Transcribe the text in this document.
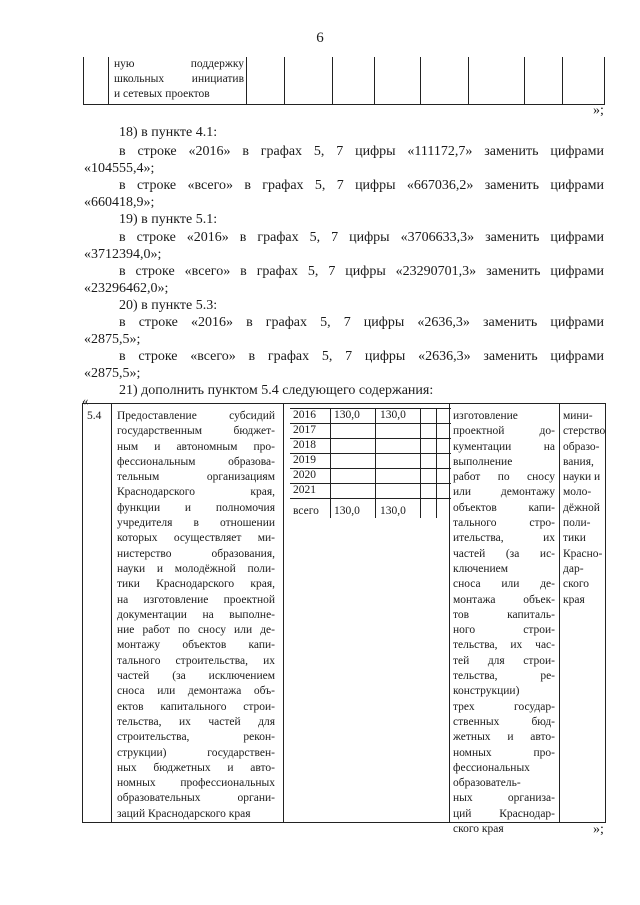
6
ную поддержку
школьных инициатив
и сетевых проектов
»;
18) в пункте 4.1:
в строке «2016» в графах 5, 7 цифры «111172,7» заменить цифрами
«104555,4»;
в строке «всего» в графах 5, 7 цифры «667036,2» заменить цифрами
«660418,9»;
19) в пункте 5.1:
в строке «2016» в графах 5, 7 цифры «3706633,3» заменить цифрами
«3712394,0»;
в строке «всего» в графах 5, 7 цифры «23290701,3» заменить цифрами
«23296462,0»;
20) в пункте 5.3:
в строке «2016» в графах 5, 7 цифры «2636,3» заменить цифрами
«2875,5»;
в строке «всего» в графах 5, 7 цифры «2636,3» заменить цифрами
«2875,5»;
21) дополнить пунктом 5.4 следующего содержания:
«
5.4 Предоставление субсидий
государственным бюджет-
ным и автономным про-
фессиональным образова-
тельным организациям
Краснодарского края,
функции и полномочия
учредителя в отношении
которых осуществляет ми-
нистерство образования,
науки и молодёжной поли-
тики Краснодарского края,
на изготовление проектной
документации на выполне-
ние работ по сносу или де-
монтажу объектов капи-
тального строительства, их
частей (за исключением
сноса или демонтажа объ-
ектов капитального строи-
тельства, их частей для
строительства, рекон-
струкции) государствен-
ных бюджетных и авто-
номных профессиональных
образовательных органи-
заций Краснодарского края
2016 130,0 130,0
2017
2018
2019
2020
2021
всего 130,0 130,0
изготовление
проектной до-
кументации на
выполнение
работ по сносу
или демонтажу
объектов капи-
тального стро-
ительства, их
частей (за ис-
ключением
сноса или де-
монтажа объек-
тов капиталь-
ного строи-
тельства, их час-
тей для строи-
тельства, ре-
конструкции)
трех государ-
ственных бюд-
жетных и авто-
номных про-
фессиональных
образователь-
ных организа-
ций Краснодар-
ского края
мини-
стерство
образо-
вания,
науки и
моло-
дёжной
поли-
тики
Красно-
дар-
ского
края
»;
